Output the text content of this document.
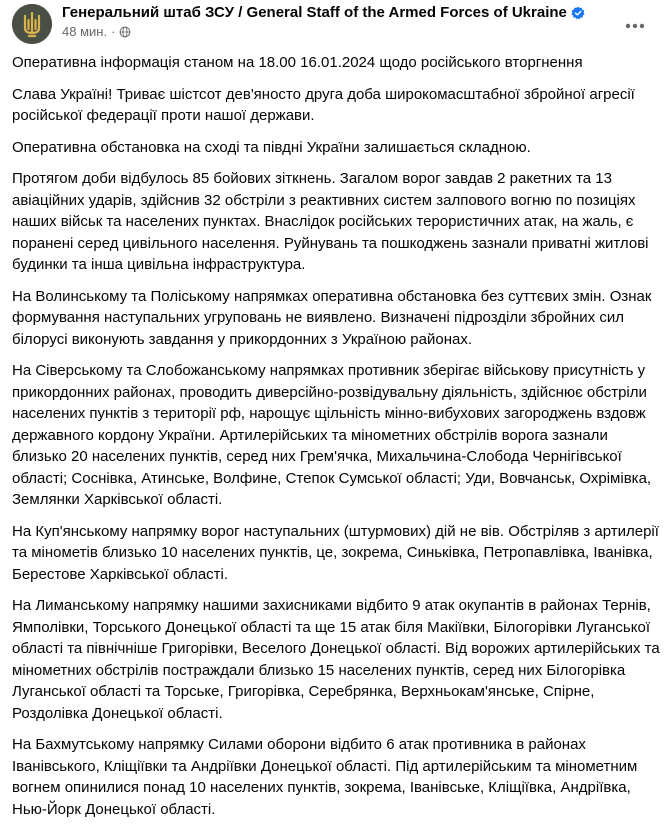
Генеральний штаб ЗСУ / General Staff of the Armed Forces of Ukraine
48 мин. ·

Оперативна інформація станом на 18.00 16.01.2024 щодо російського вторгнення

Слава Україні! Триває шістсот дев'яносто друга доба широкомасштабної збройної агресії російської федерації проти нашої держави.

Оперативна обстановка на сході та півдні України залишається складною.

Протягом доби відбулось 85 бойових зіткнень. Загалом ворог завдав 2 ракетних та 13 авіаційних ударів, здійснив 32 обстріли з реактивних систем залпового вогню по позиціях наших військ та населених пунктах. Внаслідок російських терористичних атак, на жаль, є поранені серед цивільного населення. Руйнувань та пошкоджень зазнали приватні житлові будинки та інша цивільна інфраструктура.

На Волинському та Поліському напрямках оперативна обстановка без суттєвих змін. Ознак формування наступальних угруповань не виявлено. Визначені підрозділи збройних сил білорусі виконують завдання у прикордонних з Україною районах.

На Сіверському та Слобожанському напрямках противник зберігає військову присутність у прикордонних районах, проводить диверсійно-розвідувальну діяльність, здійснює обстріли населених пунктів з території рф, нарощує щільність мінно-вибухових загороджень вздовж державного кордону України. Артилерійських та мінометних обстрілів ворога зазнали близько 20 населених пунктів, серед них Грем'ячка, Михальчина-Слобода Чернігівської області; Соснівка, Атинське, Волфине, Степок Сумської області; Уди, Вовчанськ, Охрімівка, Землянки Харківської області.

На Куп'янському напрямку ворог наступальних (штурмових) дій не вів. Обстріляв з артилерії та мінометів близько 10 населених пунктів, це, зокрема, Синьківка, Петропавлівка, Іванівка, Берестове Харківської області.

На Лиманському напрямку нашими захисниками відбито 9 атак окупантів в районах Тернів, Ямполівки, Торського Донецької області та ще 15 атак біля Макіївки, Білогорівки Луганської області та північніше Григорівки, Веселого Донецької області. Від ворожих артилерійських та мінометних обстрілів постраждали близько 15 населених пунктів, серед них Білогорівка Луганської області та Торське, Григорівка, Серебрянка, Верхньокам'янське, Спірне, Роздолівка Донецької області.

На Бахмутському напрямку Силами оборони відбито 6 атак противника в районах Іванівського, Кліщіївки та Андріївки Донецької області. Під артилерійським та мінометним вогнем опинилися понад 10 населених пунктів, зокрема, Іванівське, Кліщіївка, Андріївка, Нью-Йорк Донецької області.
